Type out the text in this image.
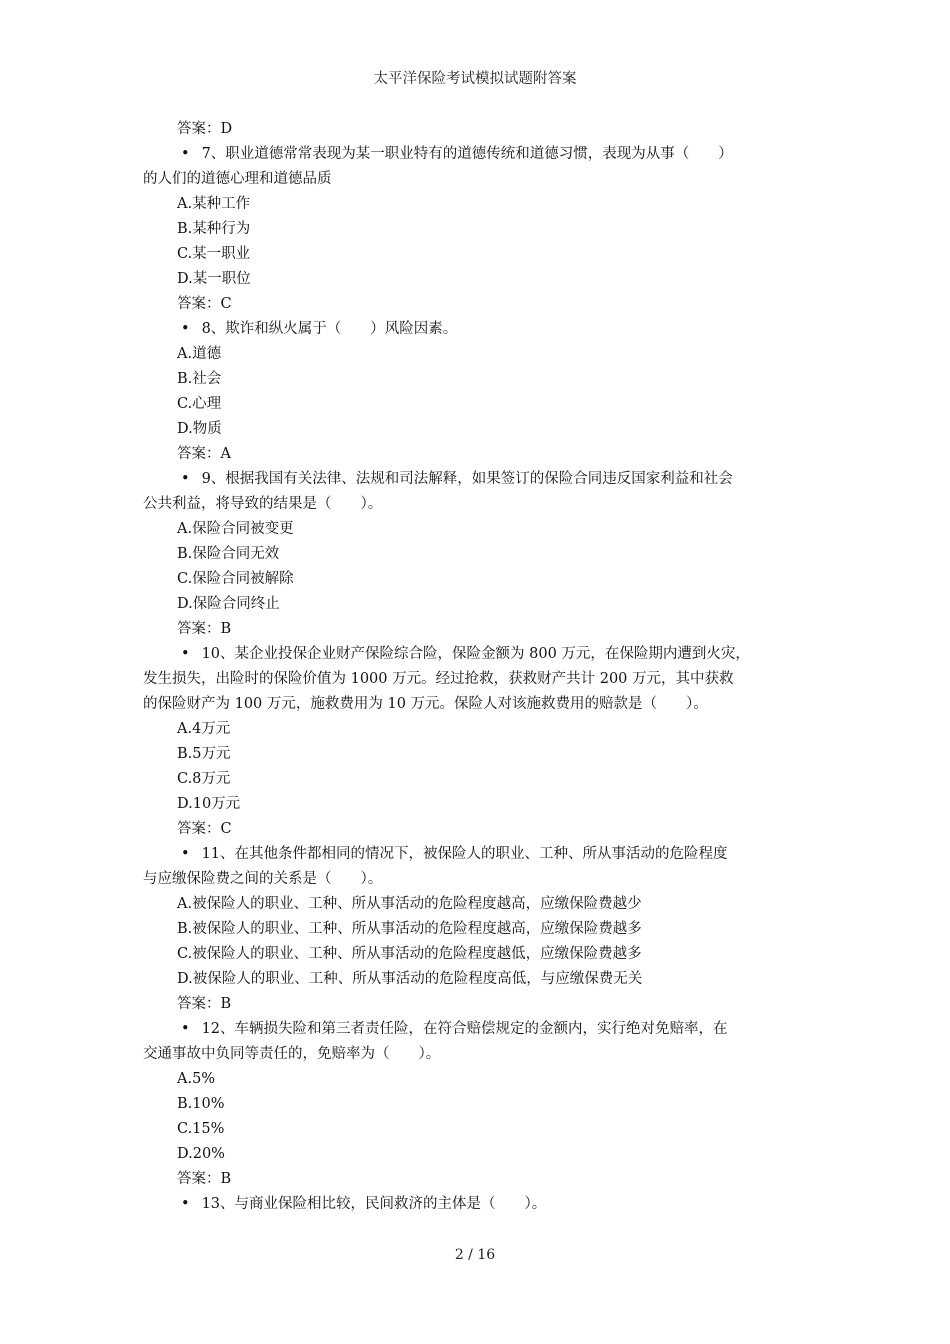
太平洋保险考试模拟试题附答案
答案：D
• 7、职业道德常常表现为某一职业特有的道德传统和道德习惯，表现为从事（　　）
的人们的道德心理和道德品质
A.某种工作
B.某种行为
C.某一职业
D.某一职位
答案：C
• 8、欺诈和纵火属于（　　）风险因素。
A.道德
B.社会
C.心理
D.物质
答案：A
• 9、根据我国有关法律、法规和司法解释，如果签订的保险合同违反国家利益和社会
公共利益，将导致的结果是（　　）。
A.保险合同被变更
B.保险合同无效
C.保险合同被解除
D.保险合同终止
答案：B
• 10、某企业投保企业财产保险综合险，保险金额为 800 万元，在保险期内遭到火灾，
发生损失，出险时的保险价值为 1000 万元。经过抢救，获救财产共计 200 万元，其中获救
的保险财产为 100 万元，施救费用为 10 万元。保险人对该施救费用的赔款是（　　）。
A.4万元
B.5万元
C.8万元
D.10万元
答案：C
• 11、在其他条件都相同的情况下，被保险人的职业、工种、所从事活动的危险程度
与应缴保险费之间的关系是（　　）。
A.被保险人的职业、工种、所从事活动的危险程度越高，应缴保险费越少
B.被保险人的职业、工种、所从事活动的危险程度越高，应缴保险费越多
C.被保险人的职业、工种、所从事活动的危险程度越低，应缴保险费越多
D.被保险人的职业、工种、所从事活动的危险程度高低，与应缴保费无关
答案：B
• 12、车辆损失险和第三者责任险，在符合赔偿规定的金额内，实行绝对免赔率，在
交通事故中负同等责任的，免赔率为（　　）。
A.5%
B.10%
C.15%
D.20%
答案：B
• 13、与商业保险相比较，民间救济的主体是（　　）。
2 / 16
